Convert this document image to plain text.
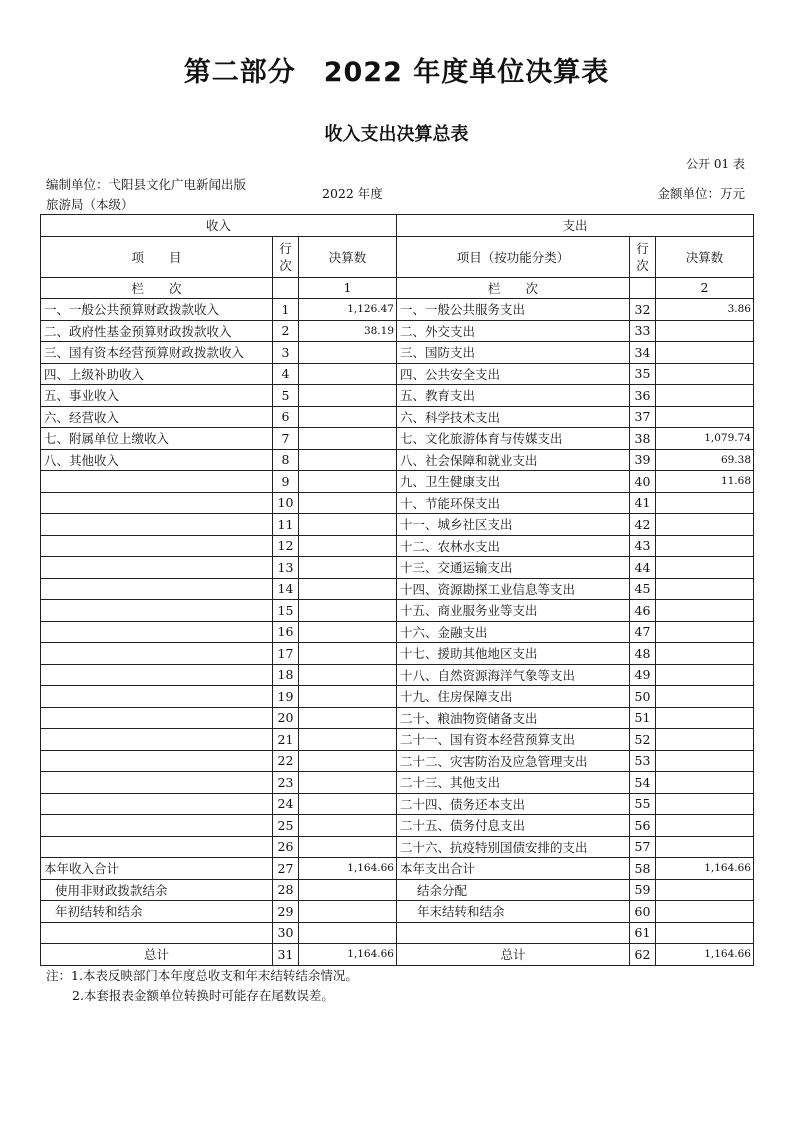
第二部分　2022 年度单位决算表
收入支出决算总表
公开 01 表
编制单位：弋阳县文化广电新闻出版
旅游局（本级）
2022 年度	金额单位：万元
收入			支出		
项　　目	行次	决算数	项目（按功能分类）	行次	决算数
栏　　次		1	栏　　次		2
一、一般公共预算财政拨款收入	1	1,126.47	一、一般公共服务支出	32	3.86
二、政府性基金预算财政拨款收入	2	38.19	二、外交支出	33	
三、国有资本经营预算财政拨款收入	3		三、国防支出	34	
四、上级补助收入	4		四、公共安全支出	35	
五、事业收入	5		五、教育支出	36	
六、经营收入	6		六、科学技术支出	37	
七、附属单位上缴收入	7		七、文化旅游体育与传媒支出	38	1,079.74
八、其他收入	8		八、社会保障和就业支出	39	69.38
	9		九、卫生健康支出	40	11.68
	10		十、节能环保支出	41	
	11		十一、城乡社区支出	42	
	12		十二、农林水支出	43	
	13		十三、交通运输支出	44	
	14		十四、资源勘探工业信息等支出	45	
	15		十五、商业服务业等支出	46	
	16		十六、金融支出	47	
	17		十七、援助其他地区支出	48	
	18		十八、自然资源海洋气象等支出	49	
	19		十九、住房保障支出	50	
	20		二十、粮油物资储备支出	51	
	21		二十一、国有资本经营预算支出	52	
	22		二十二、灾害防治及应急管理支出	53	
	23		二十三、其他支出	54	
	24		二十四、债务还本支出	55	
	25		二十五、债务付息支出	56	
	26		二十六、抗疫特别国债安排的支出	57	
本年收入合计	27	1,164.66	本年支出合计	58	1,164.66
使用非财政拨款结余	28		结余分配	59	
年初结转和结余	29		年末结转和结余	60	
	30			61	
总计	31	1,164.66	总计	62	1,164.66
注：1.本表反映部门本年度总收支和年末结转结余情况。
2.本套报表金额单位转换时可能存在尾数误差。
